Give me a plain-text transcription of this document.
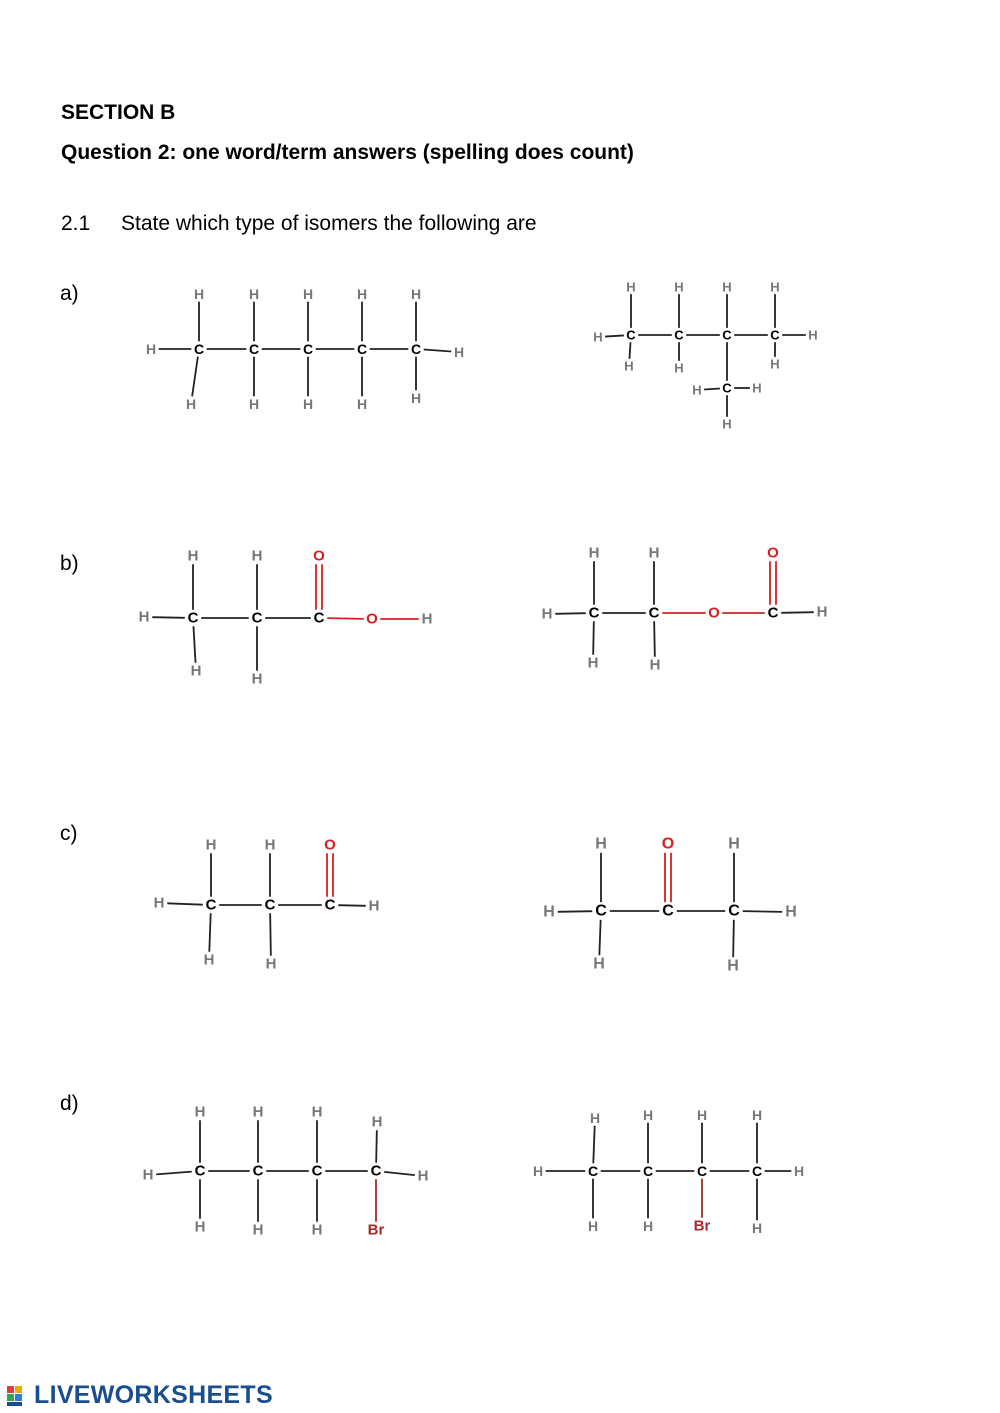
SECTION B
Question 2: one word/term answers (spelling does count)
2.1 State which type of isomers the following are
a)
b)
c)
d)
C	C	C	C	C
H
H
H
H
H
H
H
H
H
H
H	H
C	C	C	C
C
H	H	H	H
H	H	H
H	H
H	H
H
C	C	C
O
O	H
H
H
H
H
H
C	C	O	C
O
H
H
H
H
H
H
C	C	C
O
H
H
H
H
H
H
C	C	C
O
H
H
H
H
H
H
C	C	C	C
Br
H	H	H
H
H	H	H
H	H	C	C	C	C
Br
H	H	H	H
H	H	H
H	H
LIVEWORKSHEETS
